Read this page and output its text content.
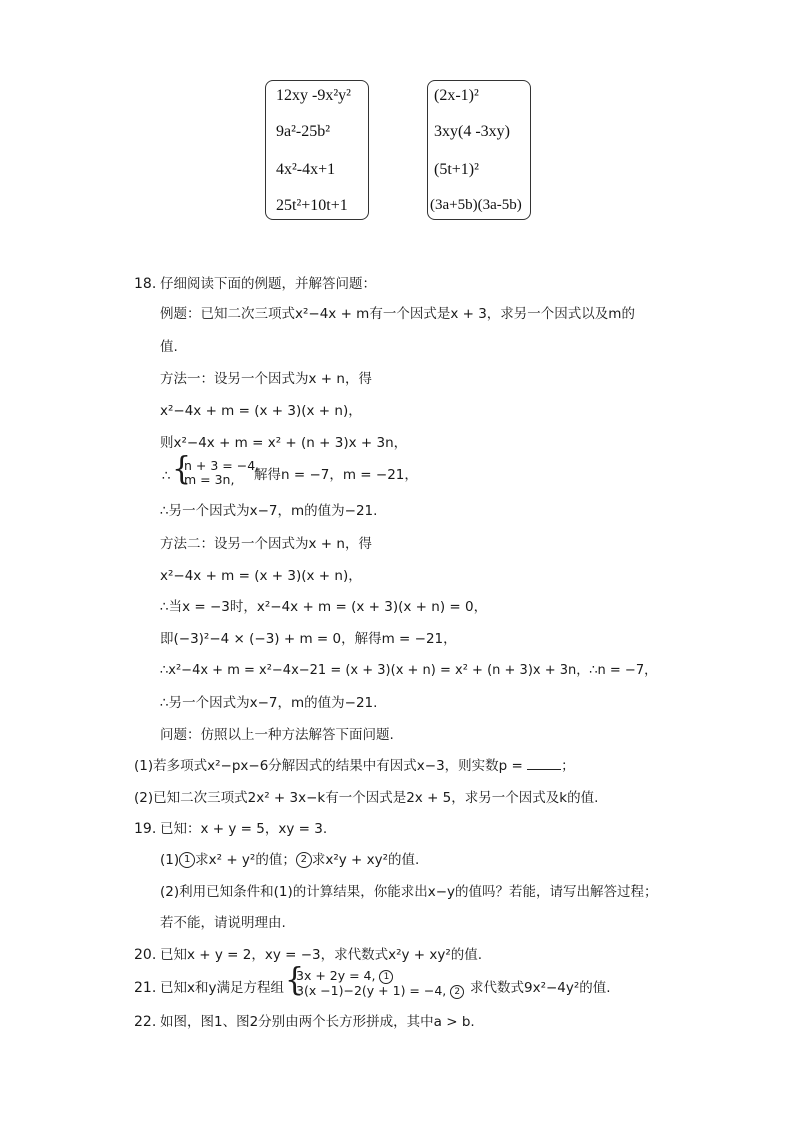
12xy -9x²y²
9a²-25b²
4x²-4x+1
25t²+10t+1
(2x-1)²
3xy(4 -3xy)
(5t+1)²
(3a+5b)(3a-5b)
18. 仔细阅读下面的例题，并解答问题：
例题：已知二次三项式x²−4x + m有一个因式是x + 3，求另一个因式以及m的
值.
方法一：设另一个因式为x + n，得
x²−4x + m = (x + 3)(x + n)，
则x²−4x + m = x² + (n + 3)x + 3n，
∴ {
n + 3 = −4,
m = 3n, 解得n = −7，m = −21，
∴另一个因式为x−7，m的值为−21.
方法二：设另一个因式为x + n，得
x²−4x + m = (x + 3)(x + n)，
∴当x = −3时，x²−4x + m = (x + 3)(x + n) = 0，
即(−3)²−4 × (−3) + m = 0，解得m = −21，
∴x²−4x + m = x²−4x−21 = (x + 3)(x + n) = x² + (n + 3)x + 3n，∴n = −7，
∴另一个因式为x−7，m的值为−21.
问题：仿照以上一种方法解答下面问题.
(1)若多项式x²−px−6分解因式的结果中有因式x−3，则实数p =	；
(2)已知二次三项式2x² + 3x−k有一个因式是2x + 5，求另一个因式及k的值.
19. 已知：x + y = 5，xy = 3.
(1) 1 求x² + y²的值； 2 求x²y + xy²的值.
(2)利用已知条件和(1)的计算结果，你能求出x−y的值吗？若能，请写出解答过程；
若不能，请说明理由.
20. 已知x + y = 2，xy = −3，求代数式x²y + xy²的值.
21. 已知x和y满足方程组 {
3x + 2y = 4, 1
3(x −1)−2(y + 1) = −4, 2 求代数式9x²−4y²的值.
22. 如图，图1、图2分别由两个长方形拼成，其中a > b.
